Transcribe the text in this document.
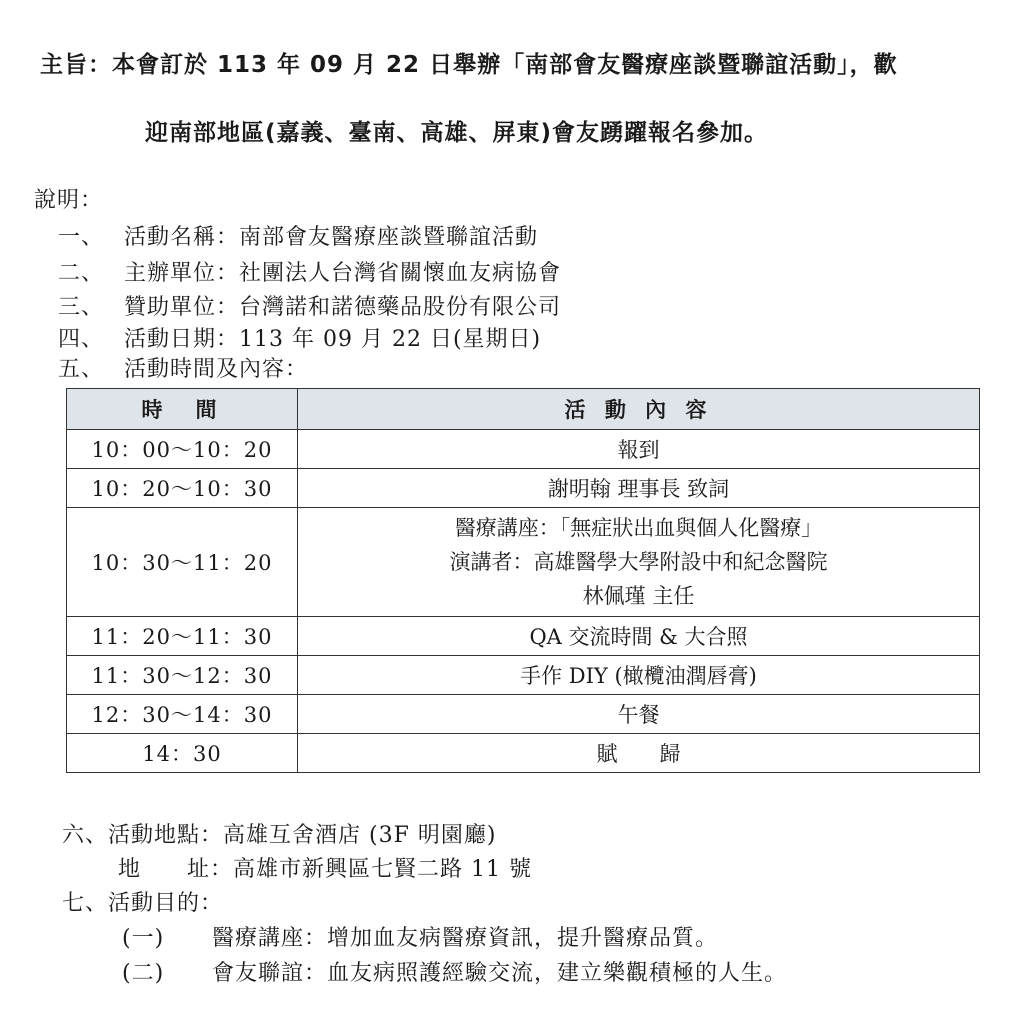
主旨：本會訂於 113 年 09 月 22 日舉辦「南部會友醫療座談暨聯誼活動」，歡
迎南部地區(嘉義、臺南、高雄、屏東)會友踴躍報名參加。
說明：
一、 活動名稱：南部會友醫療座談暨聯誼活動
二、 主辦單位：社團法人台灣省關懷血友病協會
三、 贊助單位：台灣諾和諾德藥品股份有限公司
四、 活動日期：113 年 09 月 22 日(星期日)
五、 活動時間及內容：
時　間	活 動 內 容
10：00～10：20	報到
10：20～10：30	謝明翰 理事長 致詞
10：30～11：20	醫療講座：「無症狀出血與個人化醫療」
演講者：高雄醫學大學附設中和紀念醫院
林佩瑾 主任

11：20～11：30	QA 交流時間 & 大合照
11：30～12：30	手作 DIY (橄欖油潤唇膏)
12：30～14：30	午餐
14：30	賦　　歸
六、活動地點：高雄互舍酒店 (3F 明園廳)
地　　址：高雄市新興區七賢二路 11 號
七、活動目的：
(一) 醫療講座：增加血友病醫療資訊，提升醫療品質。
(二) 會友聯誼：血友病照護經驗交流，建立樂觀積極的人生。
